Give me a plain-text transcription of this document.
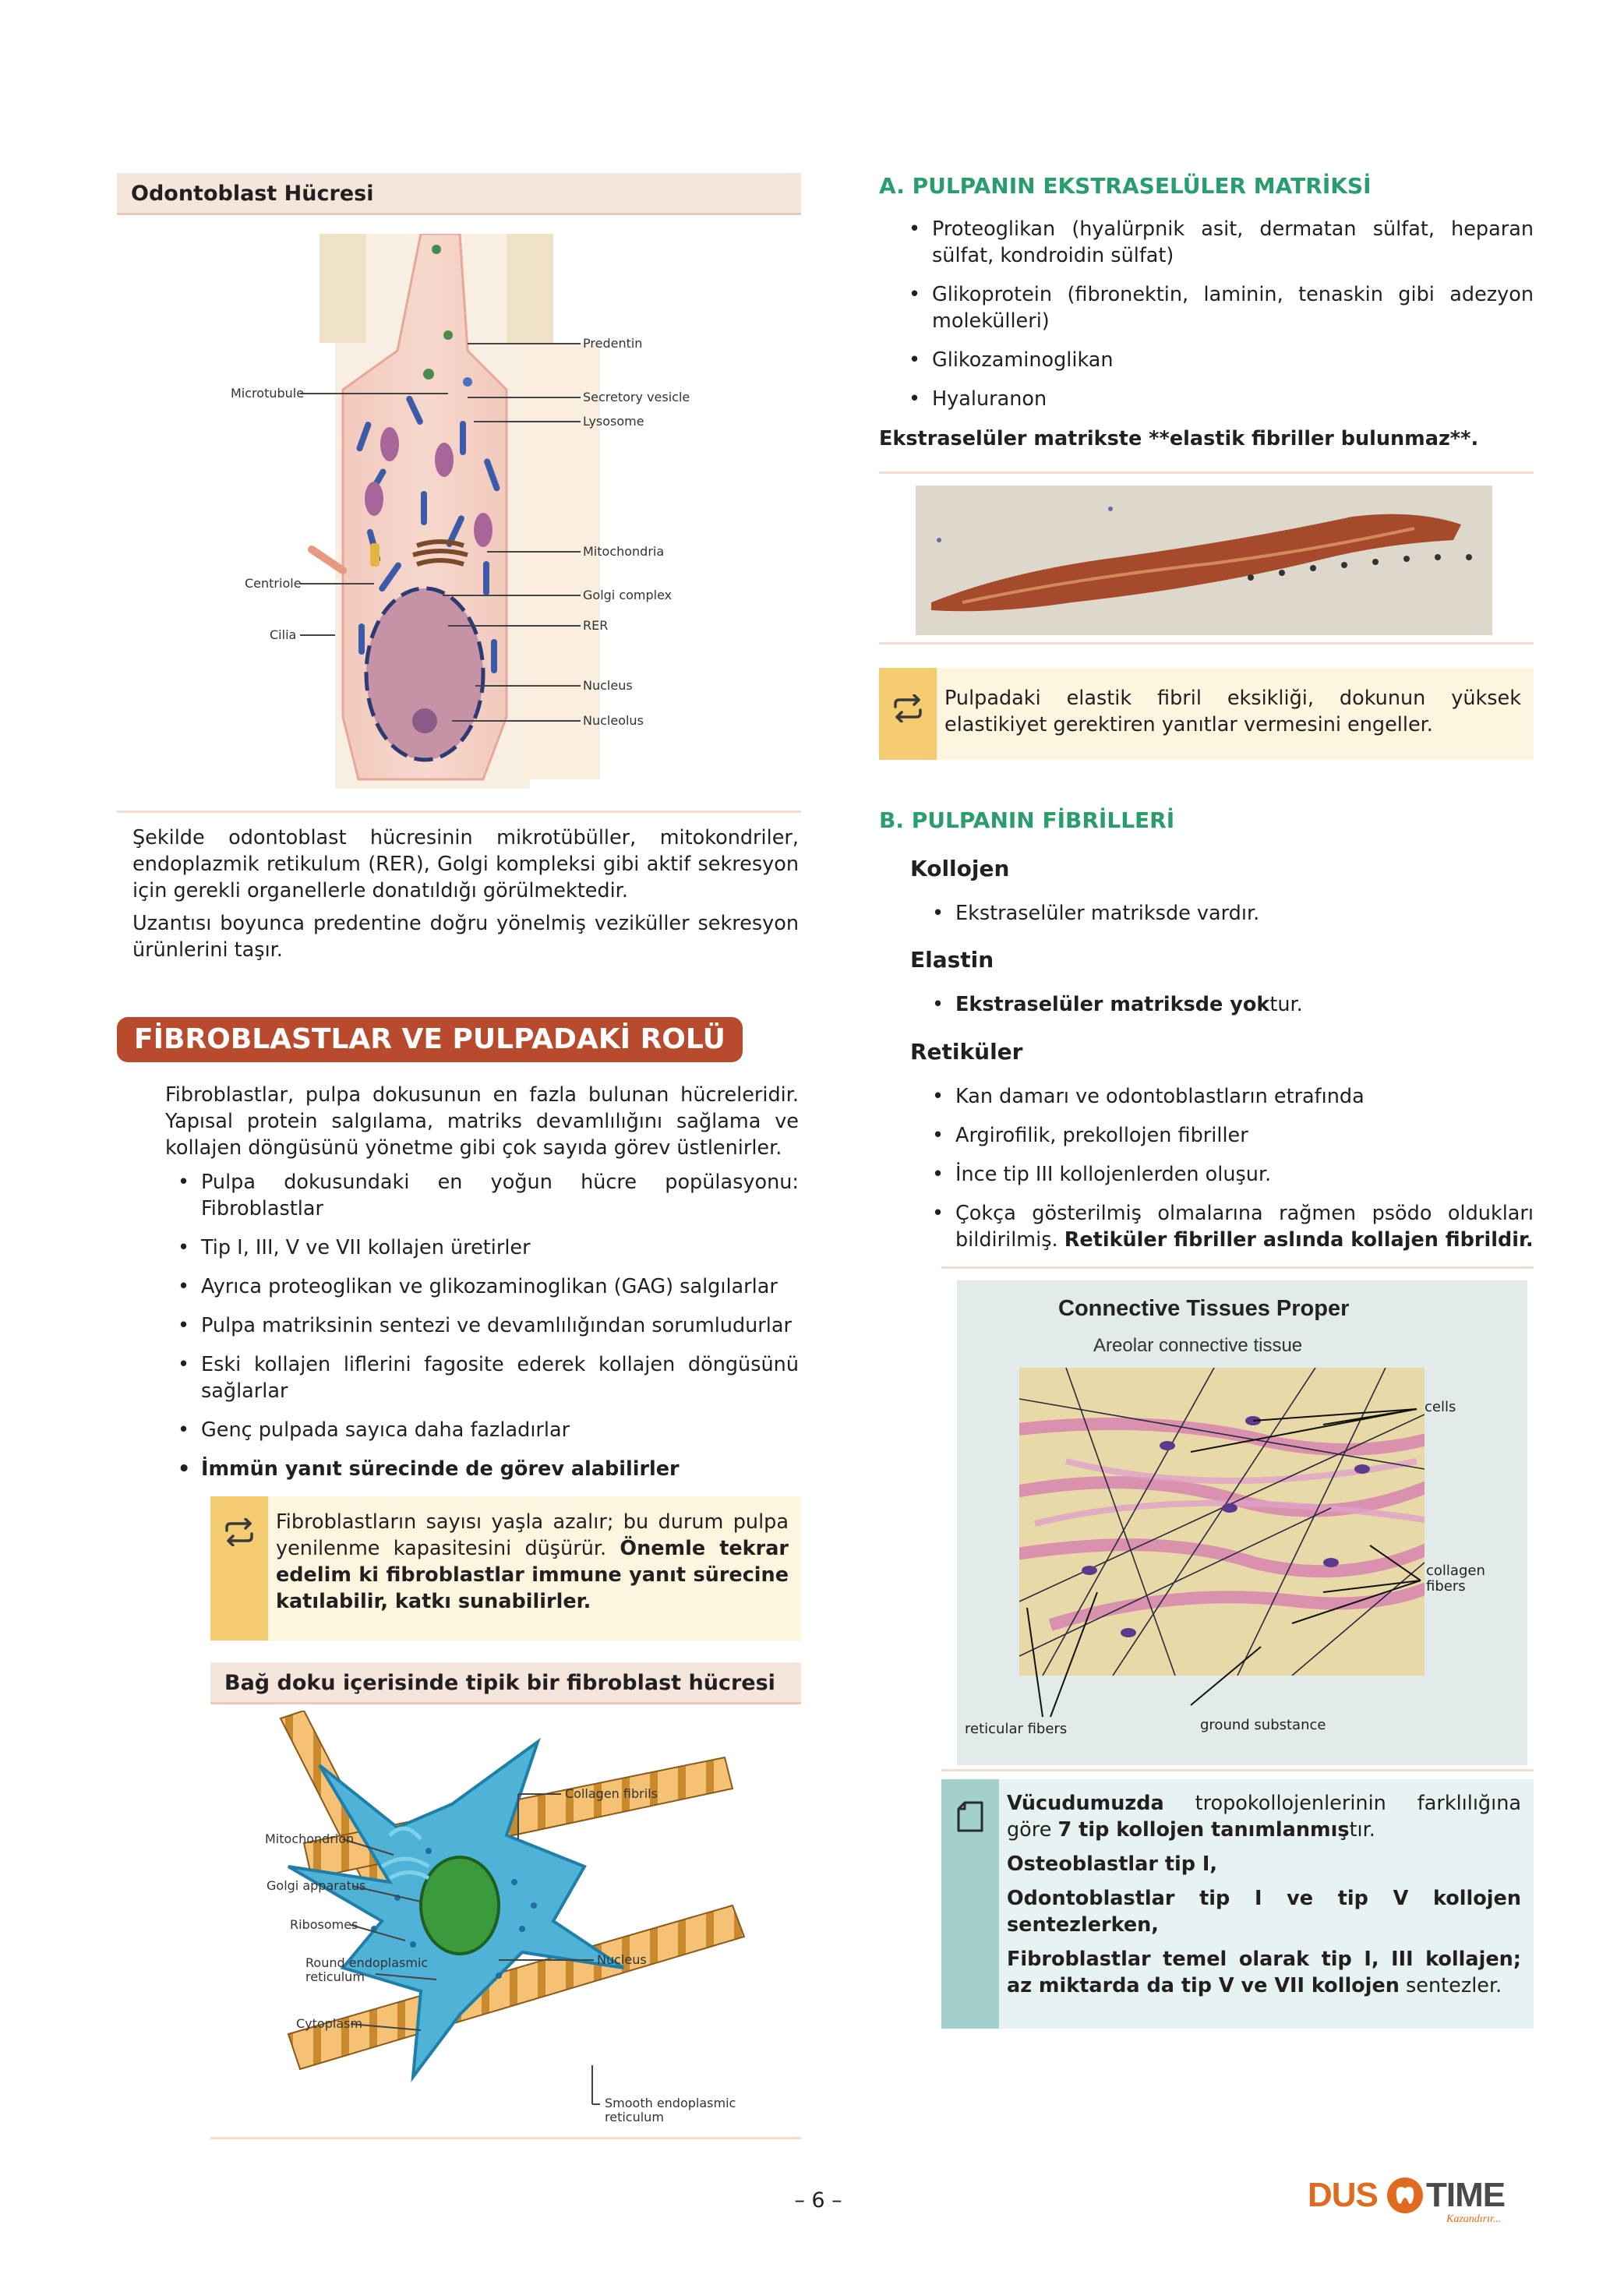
Odontoblast Hücresi
Predentin
Microtubule	Secretory vesicle
Lysosome
Mitochondria
Centriole
Golgi complex
Cilia
RER
Nucleus
Nucleolus
Şekilde odontoblast hücresinin mikrotübüller, mitokondriler, endoplazmik retikulum (RER), Golgi kompleksi gibi aktif sekresyon için gerekli organellerle donatıldığı görülmektedir.
Uzantısı boyunca predentine doğru yönelmiş veziküller sekresyon ürünlerini taşır.
FİBROBLASTLAR VE PULPADAKİ ROLÜ
Fibroblastlar, pulpa dokusunun en fazla bulunan hücreleridir. Yapısal protein salgılama, matriks devamlılığını sağlama ve kollajen döngüsünü yönetme gibi çok sayıda görev üstlenirler.
• Pulpa dokusundaki en yoğun hücre popülasyonu: Fibroblastlar
• Tip I, III, V ve VII kollajen üretirler
• Ayrıca proteoglikan ve glikozaminoglikan (GAG) salgılarlar
• Pulpa matriksinin sentezi ve devamlılığından sorumludurlar
• Eski kollajen liflerini fagosite ederek kollajen döngüsünü sağlarlar
• Genç pulpada sayıca daha fazladırlar
• İmmün yanıt sürecinde de görev alabilirler
Fibroblastların sayısı yaşla azalır; bu durum pulpa yenilenme kapasitesini düşürür. Önemle tekrar edelim ki fibroblastlar immune yanıt sürecine katılabilir, katkı sunabilirler.
Bağ doku içerisinde tipik bir fibroblast hücresi
Collagen fibrils
Mitochondrion
Golgi apparatus
Ribosomes
Round endoplasmic
reticulum
Nucleus
Cytoplasm
Smooth endoplasmic
reticulum
A. PULPANIN EKSTRASELÜLER MATRİKSİ
• Proteoglikan (hyalürpnik asit, dermatan sülfat, heparan sülfat, kondroidin sülfat)
• Glikoprotein (fibronektin, laminin, tenaskin gibi adezyon molekülleri)
• Glikozaminoglikan
• Hyaluranon
Ekstraselüler matrikste **elastik fibriller bulunmaz**.
Pulpadaki elastik fibril eksikliği, dokunun yüksek elastikiyet gerektiren yanıtlar vermesini engeller.
B. PULPANIN FİBRİLLERİ
Kollojen
• Ekstraselüler matriksde vardır.
Elastin
• Ekstraselüler matriksde yoktur.
Retiküler
• Kan damarı ve odontoblastların etrafında
• Argirofilik, prekollojen fibriller
• İnce tip III kollojenlerden oluşur.
• Çokça gösterilmiş olmalarına rağmen psödo oldukları bildirilmiş. Retiküler fibriller aslında kollajen fibrildir.
Connective Tissues Proper
Areolar connective tissue
cells
collagen
fibers
reticular fibers	ground substance
Vücudumuzda tropokollojenlerinin farklılığına göre 7 tip kollojen tanımlanmıştır.
Osteoblastlar tip I,
Odontoblastlar tip I ve tip V kollojen sentezlerken,
Fibroblastlar temel olarak tip I, III kollajen; az miktarda da tip V ve VII kollojen sentezler.
– 6 –	DUS TIME
Kazandırır...
